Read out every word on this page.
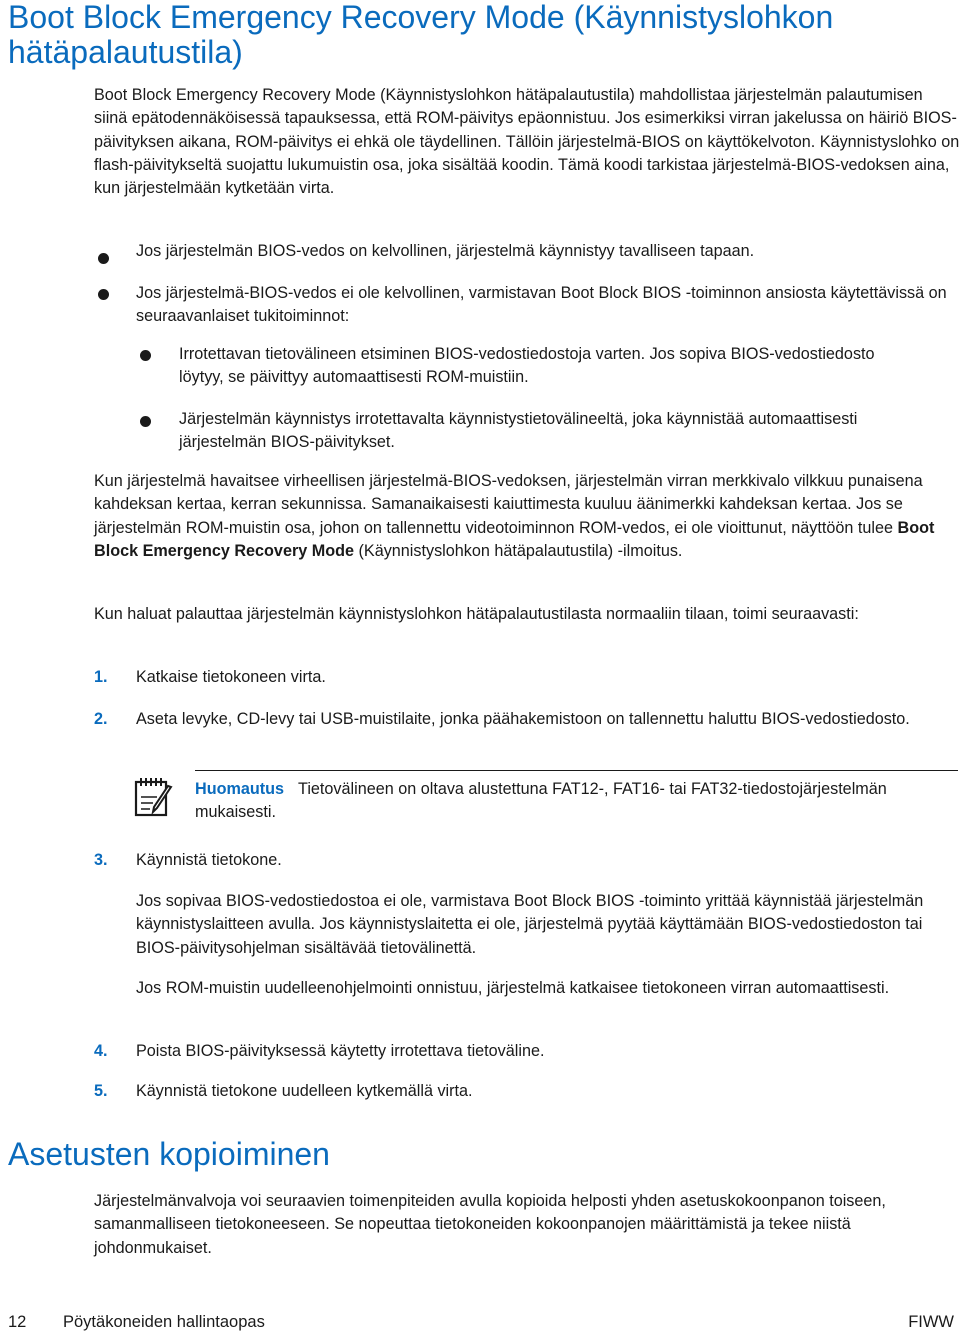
Boot Block Emergency Recovery Mode (Käynnistyslohkon hätäpalautustila)

Boot Block Emergency Recovery Mode (Käynnistyslohkon hätäpalautustila) mahdollistaa järjestelmän palautumisen siinä epätodennäköisessä tapauksessa, että ROM-päivitys epäonnistuu. Jos esimerkiksi virran jakelussa on häiriö BIOS-päivityksen aikana, ROM-päivitys ei ehkä ole täydellinen. Tällöin järjestelmä-BIOS on käyttökelvoton. Käynnistyslohko on flash-päivitykseltä suojattu lukumuistin osa, joka sisältää koodin. Tämä koodi tarkistaa järjestelmä-BIOS-vedoksen aina, kun järjestelmään kytketään virta.

Jos järjestelmän BIOS-vedos on kelvollinen, järjestelmä käynnistyy tavalliseen tapaan.

Jos järjestelmä-BIOS-vedos ei ole kelvollinen, varmistavan Boot Block BIOS -toiminnon ansiosta käytettävissä on seuraavanlaiset tukitoiminnot:

Irrotettavan tietovälineen etsiminen BIOS-vedostiedostoja varten. Jos sopiva BIOS-vedostiedosto löytyy, se päivittyy automaattisesti ROM-muistiin.

Järjestelmän käynnistys irrotettavalta käynnistystietovälineeltä, joka käynnistää automaattisesti järjestelmän BIOS-päivitykset.

Kun järjestelmä havaitsee virheellisen järjestelmä-BIOS-vedoksen, järjestelmän virran merkkivalo vilkkuu punaisena kahdeksan kertaa, kerran sekunnissa. Samanaikaisesti kaiuttimesta kuuluu äänimerkki kahdeksan kertaa. Jos se järjestelmän ROM-muistin osa, johon on tallennettu videotoiminnon ROM-vedos, ei ole vioittunut, näyttöön tulee Boot Block Emergency Recovery Mode (Käynnistyslohkon hätäpalautustila) -ilmoitus.

Kun haluat palauttaa järjestelmän käynnistyslohkon hätäpalautustilasta normaaliin tilaan, toimi seuraavasti:

1. Katkaise tietokoneen virta.

2. Aseta levyke, CD-levy tai USB-muistilaite, jonka päähakemistoon on tallennettu haluttu BIOS-vedostiedosto.

Huomautus Tietovälineen on oltava alustettuna FAT12-, FAT16- tai FAT32-tiedostojärjestelmän mukaisesti.

3. Käynnistä tietokone.

Jos sopivaa BIOS-vedostiedostoa ei ole, varmistava Boot Block BIOS -toiminto yrittää käynnistää järjestelmän käynnistyslaitteen avulla. Jos käynnistyslaitetta ei ole, järjestelmä pyytää käyttämään BIOS-vedostiedoston tai BIOS-päivitysohjelman sisältävää tietovälinettä.

Jos ROM-muistin uudelleenohjelmointi onnistuu, järjestelmä katkaisee tietokoneen virran automaattisesti.

4. Poista BIOS-päivityksessä käytetty irrotettava tietoväline.

5. Käynnistä tietokone uudelleen kytkemällä virta.

Asetusten kopioiminen

Järjestelmänvalvoja voi seuraavien toimenpiteiden avulla kopioida helposti yhden asetuskokoonpanon toiseen, samanmalliseen tietokoneeseen. Se nopeuttaa tietokoneiden kokoonpanojen määrittämistä ja tekee niistä johdonmukaiset.

12 Pöytäkoneiden hallintaopas	FIWW
